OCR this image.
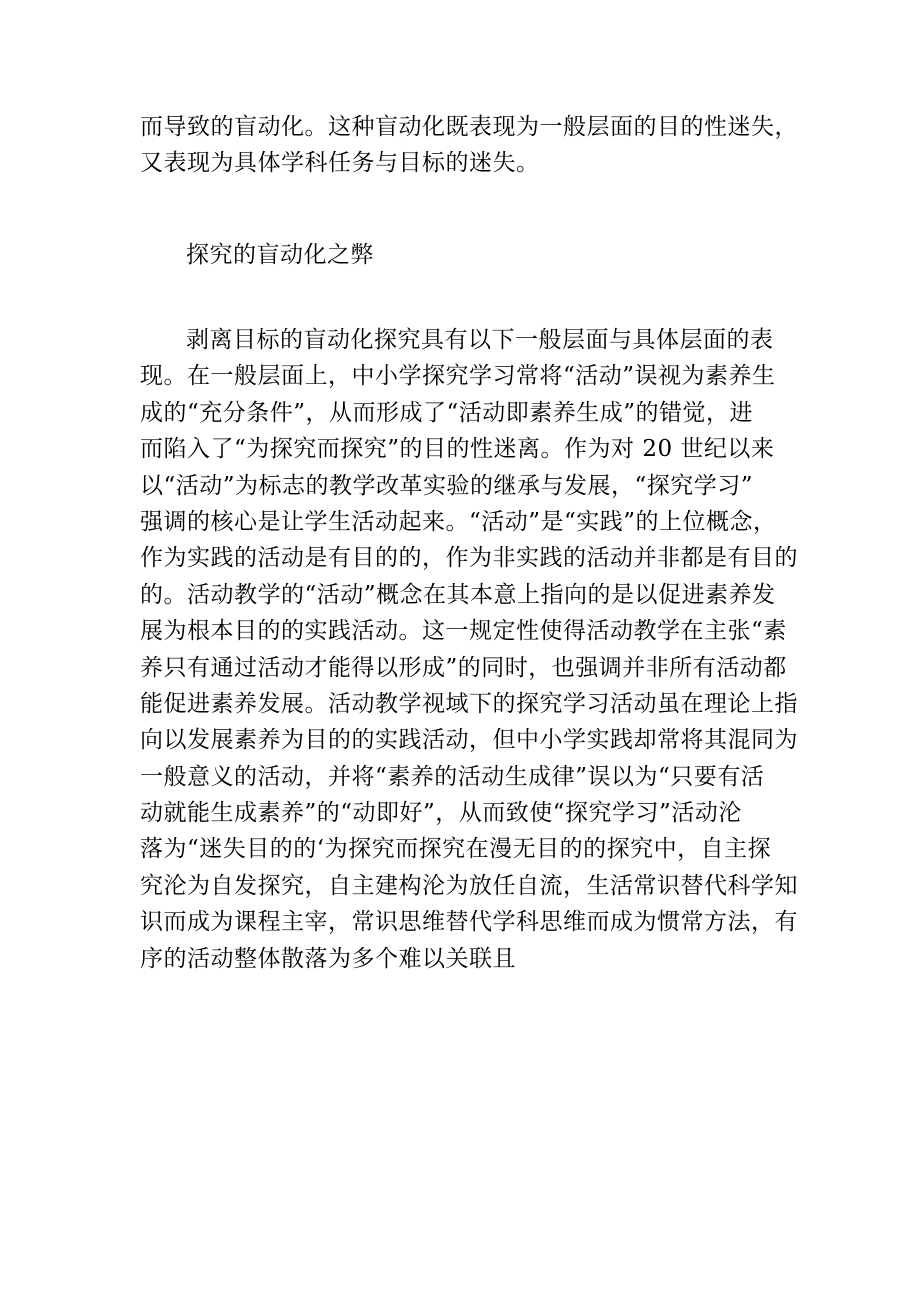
而导致的盲动化。这种盲动化既表现为一般层面的目的性迷失，
又表现为具体学科任务与目标的迷失。
探究的盲动化之弊
剥离目标的盲动化探究具有以下一般层面与具体层面的表
现。在一般层面上，中小学探究学习常将“活动”误视为素养生
成的“充分条件”，从而形成了“活动即素养生成”的错觉，进
而陷入了“为探究而探究”的目的性迷离。作为对 20 世纪以来
以“活动”为标志的教学改革实验的继承与发展，“探究学习”
强调的核心是让学生活动起来。“活动”是“实践”的上位概念，
作为实践的活动是有目的的，作为非实践的活动并非都是有目的
的。活动教学的“活动”概念在其本意上指向的是以促进素养发
展为根本目的的实践活动。这一规定性使得活动教学在主张“素
养只有通过活动才能得以形成”的同时，也强调并非所有活动都
能促进素养发展。活动教学视域下的探究学习活动虽在理论上指
向以发展素养为目的的实践活动，但中小学实践却常将其混同为
一般意义的活动，并将“素养的活动生成律”误以为“只要有活
动就能生成素养”的“动即好”，从而致使“探究学习”活动沦
落为“迷失目的的‘为探究而探究在漫无目的的探究中，自主探
究沦为自发探究，自主建构沦为放任自流，生活常识替代科学知
识而成为课程主宰，常识思维替代学科思维而成为惯常方法，有
序的活动整体散落为多个难以关联且
